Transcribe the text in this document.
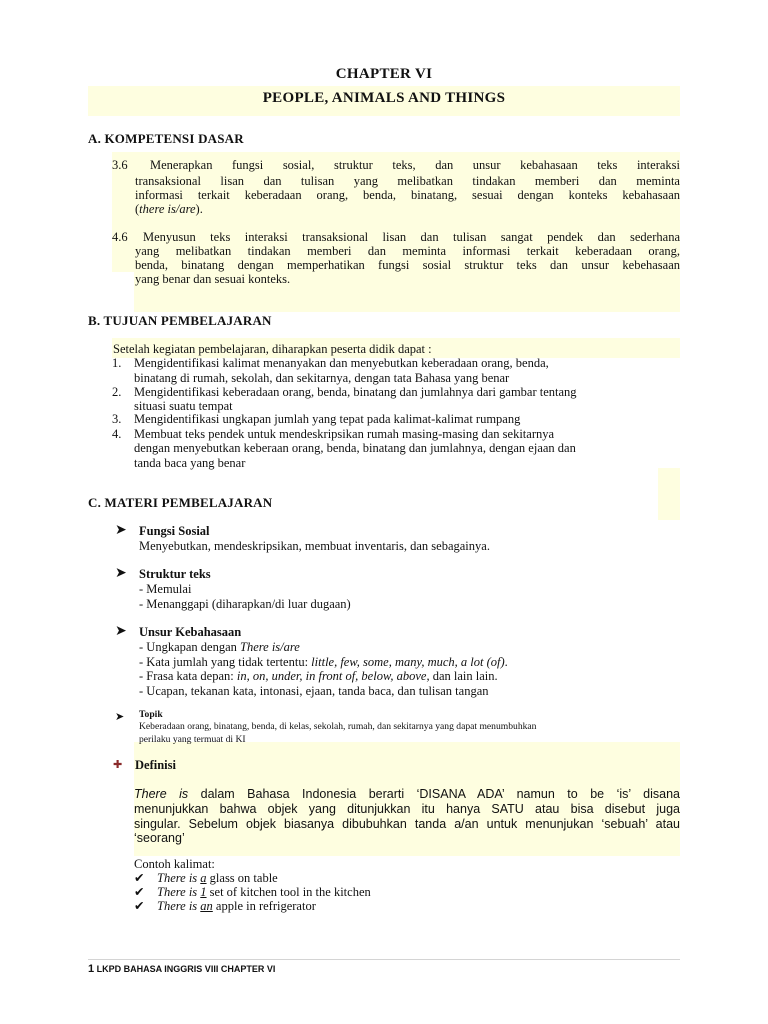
CHAPTER VI
PEOPLE, ANIMALS AND THINGS
A. KOMPETENSI DASAR
3.6 Menerapkan fungsi sosial, struktur teks, dan unsur kebahasaan teks interaksi
transaksional lisan dan tulisan yang melibatkan tindakan memberi dan meminta
informasi terkait keberadaan orang, benda, binatang, sesuai dengan konteks kebahasaan
(there is/are).
4.6 Menyusun teks interaksi transaksional lisan dan tulisan sangat pendek dan sederhana
yang melibatkan tindakan memberi dan meminta informasi terkait keberadaan orang,
benda, binatang dengan memperhatikan fungsi sosial struktur teks dan unsur kebehasaan
yang benar dan sesuai konteks.
B. TUJUAN PEMBELAJARAN
Setelah kegiatan pembelajaran, diharapkan peserta didik dapat :
1. Mengidentifikasi kalimat menanyakan dan menyebutkan keberadaan orang, benda,
binatang di rumah, sekolah, dan sekitarnya, dengan tata Bahasa yang benar
2. Mengidentifikasi keberadaan orang, benda, binatang dan jumlahnya dari gambar tentang
situasi suatu tempat
3. Mengidentifikasi ungkapan jumlah yang tepat pada kalimat-kalimat rumpang
4. Membuat teks pendek untuk mendeskripsikan rumah masing-masing dan sekitarnya
dengan menyebutkan keberaan orang, benda, binatang dan jumlahnya, dengan ejaan dan
tanda baca yang benar
C. MATERI PEMBELAJARAN
➤ Fungsi Sosial
Menyebutkan, mendeskripsikan, membuat inventaris, dan sebagainya.
➤ Struktur teks
- Memulai
- Menanggapi (diharapkan/di luar dugaan)
➤ Unsur Kebahasaan
- Ungkapan dengan There is/are
- Kata jumlah yang tidak tertentu: little, few, some, many, much, a lot (of).
- Frasa kata depan: in, on, under, in front of, below, above, dan lain lain.
- Ucapan, tekanan kata, intonasi, ejaan, tanda baca, dan tulisan tangan
➤ Topik
Keberadaan orang, binatang, benda, di kelas, sekolah, rumah, dan sekitarnya yang dapat menumbuhkan
perilaku yang termuat di KI
✚ Definisi
There is dalam Bahasa Indonesia berarti ‘DISANA ADA’ namun to be ‘is’ disana
menunjukkan bahwa objek yang ditunjukkan itu hanya SATU atau bisa disebut juga
singular. Sebelum objek biasanya dibubuhkan tanda a/an untuk menunjukan ‘sebuah’ atau
‘seorang’
Contoh kalimat:
✔ There is a glass on table
✔ There is 1 set of kitchen tool in the kitchen
✔ There is an apple in refrigerator
1 LKPD BAHASA INGGRIS VIII CHAPTER VI
